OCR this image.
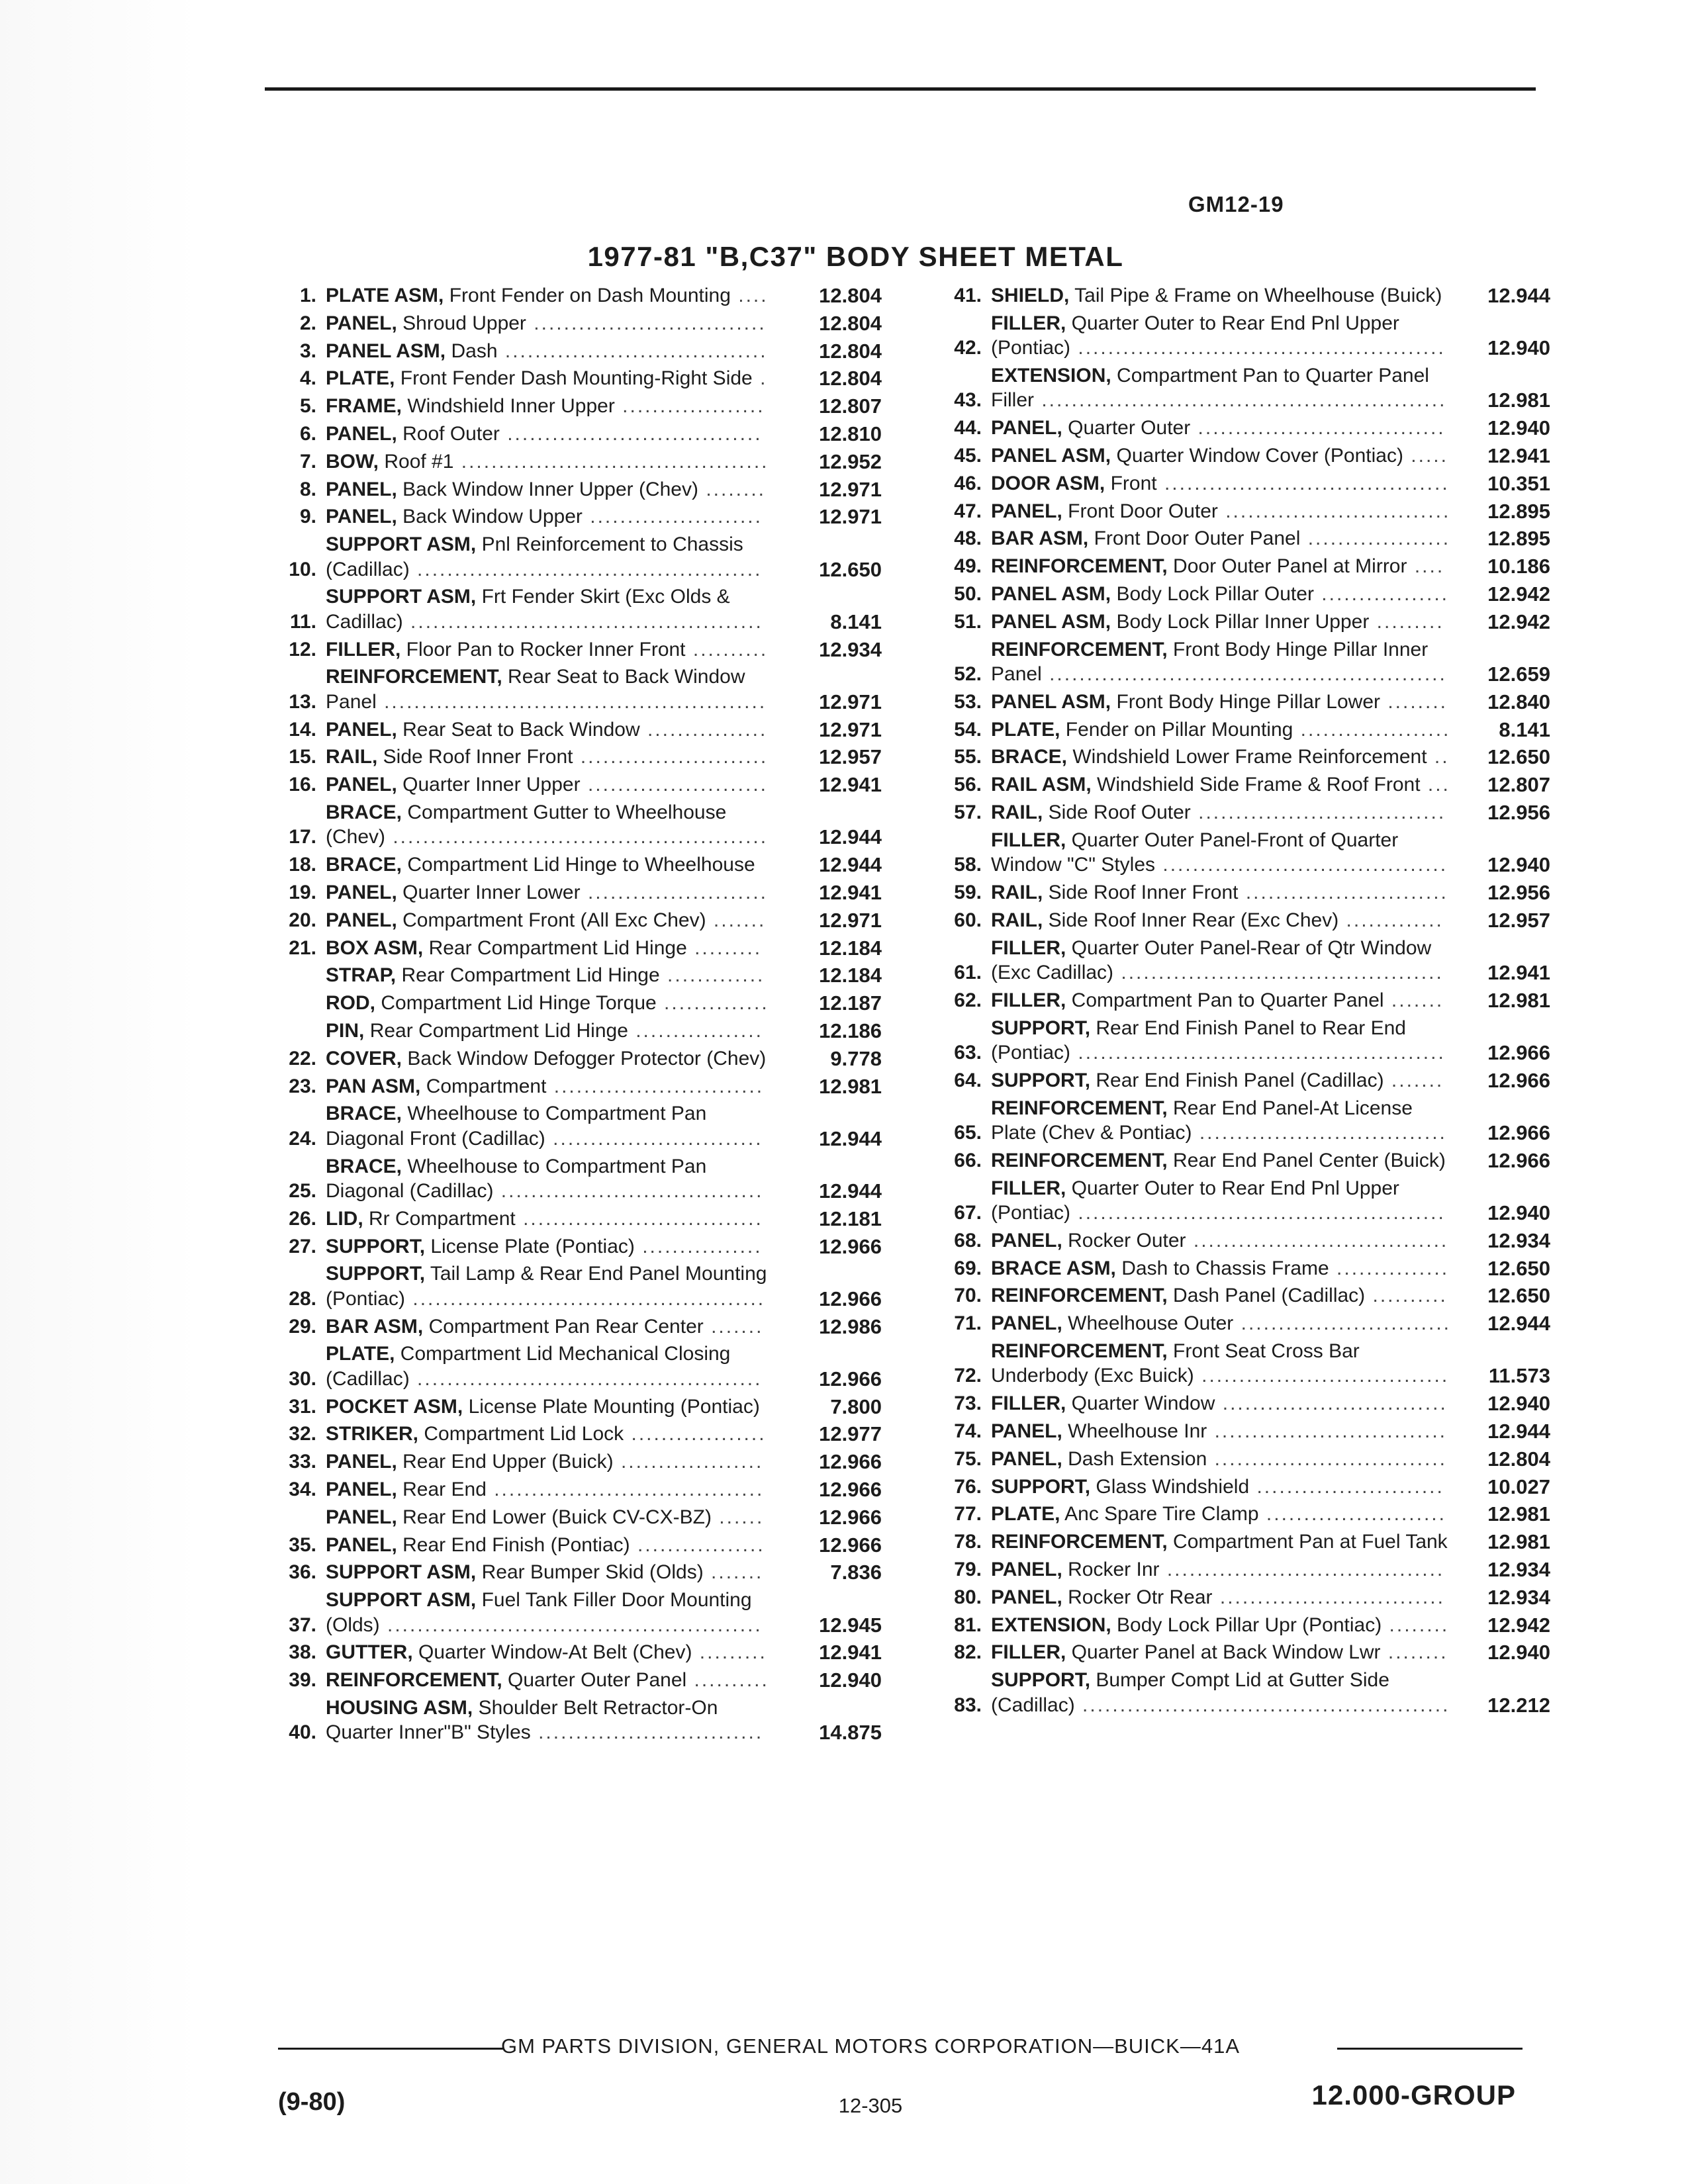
GM12-19
1977-81 "B,C37" BODY SHEET METAL
1. PLATE ASM, Front Fender on Dash Mounting ....	12.804
2. PANEL, Shroud Upper ...............................	12.804
3. PANEL ASM, Dash ...................................	12.804
4. PLATE, Front Fender Dash Mounting-Right Side .	12.804
5. FRAME, Windshield Inner Upper ...................	12.807
6. PANEL, Roof Outer ..................................	12.810
7. BOW, Roof #1 .........................................	12.952
8. PANEL, Back Window Inner Upper (Chev) ........	12.971
9. PANEL, Back Window Upper .......................	12.971
10.
SUPPORT ASM, Pnl Reinforcement to Chassis (Cadillac) ..............................................	12.650
11.
SUPPORT ASM, Frt Fender Skirt (Exc Olds & Cadillac) ...............................................	8.141
12. FILLER, Floor Pan to Rocker Inner Front ..........	12.934
13.
REINFORCEMENT, Rear Seat to Back Window Panel ...................................................	12.971
14. PANEL, Rear Seat to Back Window ................	12.971
15. RAIL, Side Roof Inner Front .........................	12.957
16. PANEL, Quarter Inner Upper ........................	12.941
17.
BRACE, Compartment Gutter to Wheelhouse (Chev) ..................................................	12.944
18. BRACE, Compartment Lid Hinge to Wheelhouse	12.944
19. PANEL, Quarter Inner Lower ........................	12.941
20. PANEL, Compartment Front (All Exc Chev) .......	12.971
21. BOX ASM, Rear Compartment Lid Hinge .........	12.184
STRAP, Rear Compartment Lid Hinge .............	12.184
ROD, Compartment Lid Hinge Torque ..............	12.187
PIN, Rear Compartment Lid Hinge .................	12.186
22. COVER, Back Window Defogger Protector (Chev)	9.778
23. PAN ASM, Compartment ............................	12.981
24.
BRACE, Wheelhouse to Compartment Pan Diagonal Front (Cadillac) ............................	12.944
25.
BRACE, Wheelhouse to Compartment Pan Diagonal (Cadillac) ...................................	12.944
26. LID, Rr Compartment ................................	12.181
27. SUPPORT, License Plate (Pontiac) ................	12.966
28.
SUPPORT, Tail Lamp & Rear End Panel Mounting (Pontiac) ...............................................	12.966
29. BAR ASM, Compartment Pan Rear Center .......	12.986
30.
PLATE, Compartment Lid Mechanical Closing (Cadillac) ..............................................	12.966
31. POCKET ASM, License Plate Mounting (Pontiac)	7.800
32. STRIKER, Compartment Lid Lock ..................	12.977
33. PANEL, Rear End Upper (Buick) ...................	12.966
34. PANEL, Rear End ....................................	12.966
PANEL, Rear End Lower (Buick CV-CX-BZ) ......	12.966
35. PANEL, Rear End Finish (Pontiac) .................	12.966
36. SUPPORT ASM, Rear Bumper Skid (Olds) .......	7.836
37.
SUPPORT ASM, Fuel Tank Filler Door Mounting (Olds) ..................................................	12.945
38. GUTTER, Quarter Window-At Belt (Chev) .........	12.941
39. REINFORCEMENT, Quarter Outer Panel ..........	12.940
40.
HOUSING ASM, Shoulder Belt Retractor-On Quarter Inner"B" Styles ..............................	14.875
41. SHIELD, Tail Pipe & Frame on Wheelhouse (Buick)	12.944
42.
FILLER, Quarter Outer to Rear End Pnl Upper (Pontiac) .................................................	12.940
43.
EXTENSION, Compartment Pan to Quarter Panel Filler ......................................................	12.981
44. PANEL, Quarter Outer .................................	12.940
45. PANEL ASM, Quarter Window Cover (Pontiac) .....	12.941
46. DOOR ASM, Front ......................................	10.351
47. PANEL, Front Door Outer ..............................	12.895
48. BAR ASM, Front Door Outer Panel ...................	12.895
49. REINFORCEMENT, Door Outer Panel at Mirror ....	10.186
50. PANEL ASM, Body Lock Pillar Outer .................	12.942
51. PANEL ASM, Body Lock Pillar Inner Upper .........	12.942
52.
REINFORCEMENT, Front Body Hinge Pillar Inner Panel .....................................................	12.659
53. PANEL ASM, Front Body Hinge Pillar Lower ........	12.840
54. PLATE, Fender on Pillar Mounting ....................	8.141
55. BRACE, Windshield Lower Frame Reinforcement ..	12.650
56. RAIL ASM, Windshield Side Frame & Roof Front ...	12.807
57. RAIL, Side Roof Outer .................................	12.956
58.
FILLER, Quarter Outer Panel-Front of Quarter Window "C" Styles ......................................	12.940
59. RAIL, Side Roof Inner Front ...........................	12.956
60. RAIL, Side Roof Inner Rear (Exc Chev) .............	12.957
61.
FILLER, Quarter Outer Panel-Rear of Qtr Window (Exc Cadillac) ...........................................	12.941
62. FILLER, Compartment Pan to Quarter Panel .......	12.981
63.
SUPPORT, Rear End Finish Panel to Rear End (Pontiac) .................................................	12.966
64. SUPPORT, Rear End Finish Panel (Cadillac) .......	12.966
65.
REINFORCEMENT, Rear End Panel-At License Plate (Chev & Pontiac) .................................	12.966
66. REINFORCEMENT, Rear End Panel Center (Buick)	12.966
67.
FILLER, Quarter Outer to Rear End Pnl Upper (Pontiac) .................................................	12.940
68. PANEL, Rocker Outer ..................................	12.934
69. BRACE ASM, Dash to Chassis Frame ...............	12.650
70. REINFORCEMENT, Dash Panel (Cadillac) ..........	12.650
71. PANEL, Wheelhouse Outer ............................	12.944
72.
REINFORCEMENT, Front Seat Cross Bar Underbody (Exc Buick) .................................	11.573
73. FILLER, Quarter Window ..............................	12.940
74. PANEL, Wheelhouse Inr ...............................	12.944
75. PANEL, Dash Extension ...............................	12.804
76. SUPPORT, Glass Windshield .........................	10.027
77. PLATE, Anc Spare Tire Clamp ........................	12.981
78. REINFORCEMENT, Compartment Pan at Fuel Tank	12.981
79. PANEL, Rocker Inr .....................................	12.934
80. PANEL, Rocker Otr Rear ..............................	12.934
81. EXTENSION, Body Lock Pillar Upr (Pontiac) ........	12.942
82. FILLER, Quarter Panel at Back Window Lwr ........	12.940
83.
SUPPORT, Bumper Compt Lid at Gutter Side (Cadillac) .................................................	12.212
GM PARTS DIVISION, GENERAL MOTORS CORPORATION—BUICK—41A
(9-80)	12-305	12.000-GROUP
